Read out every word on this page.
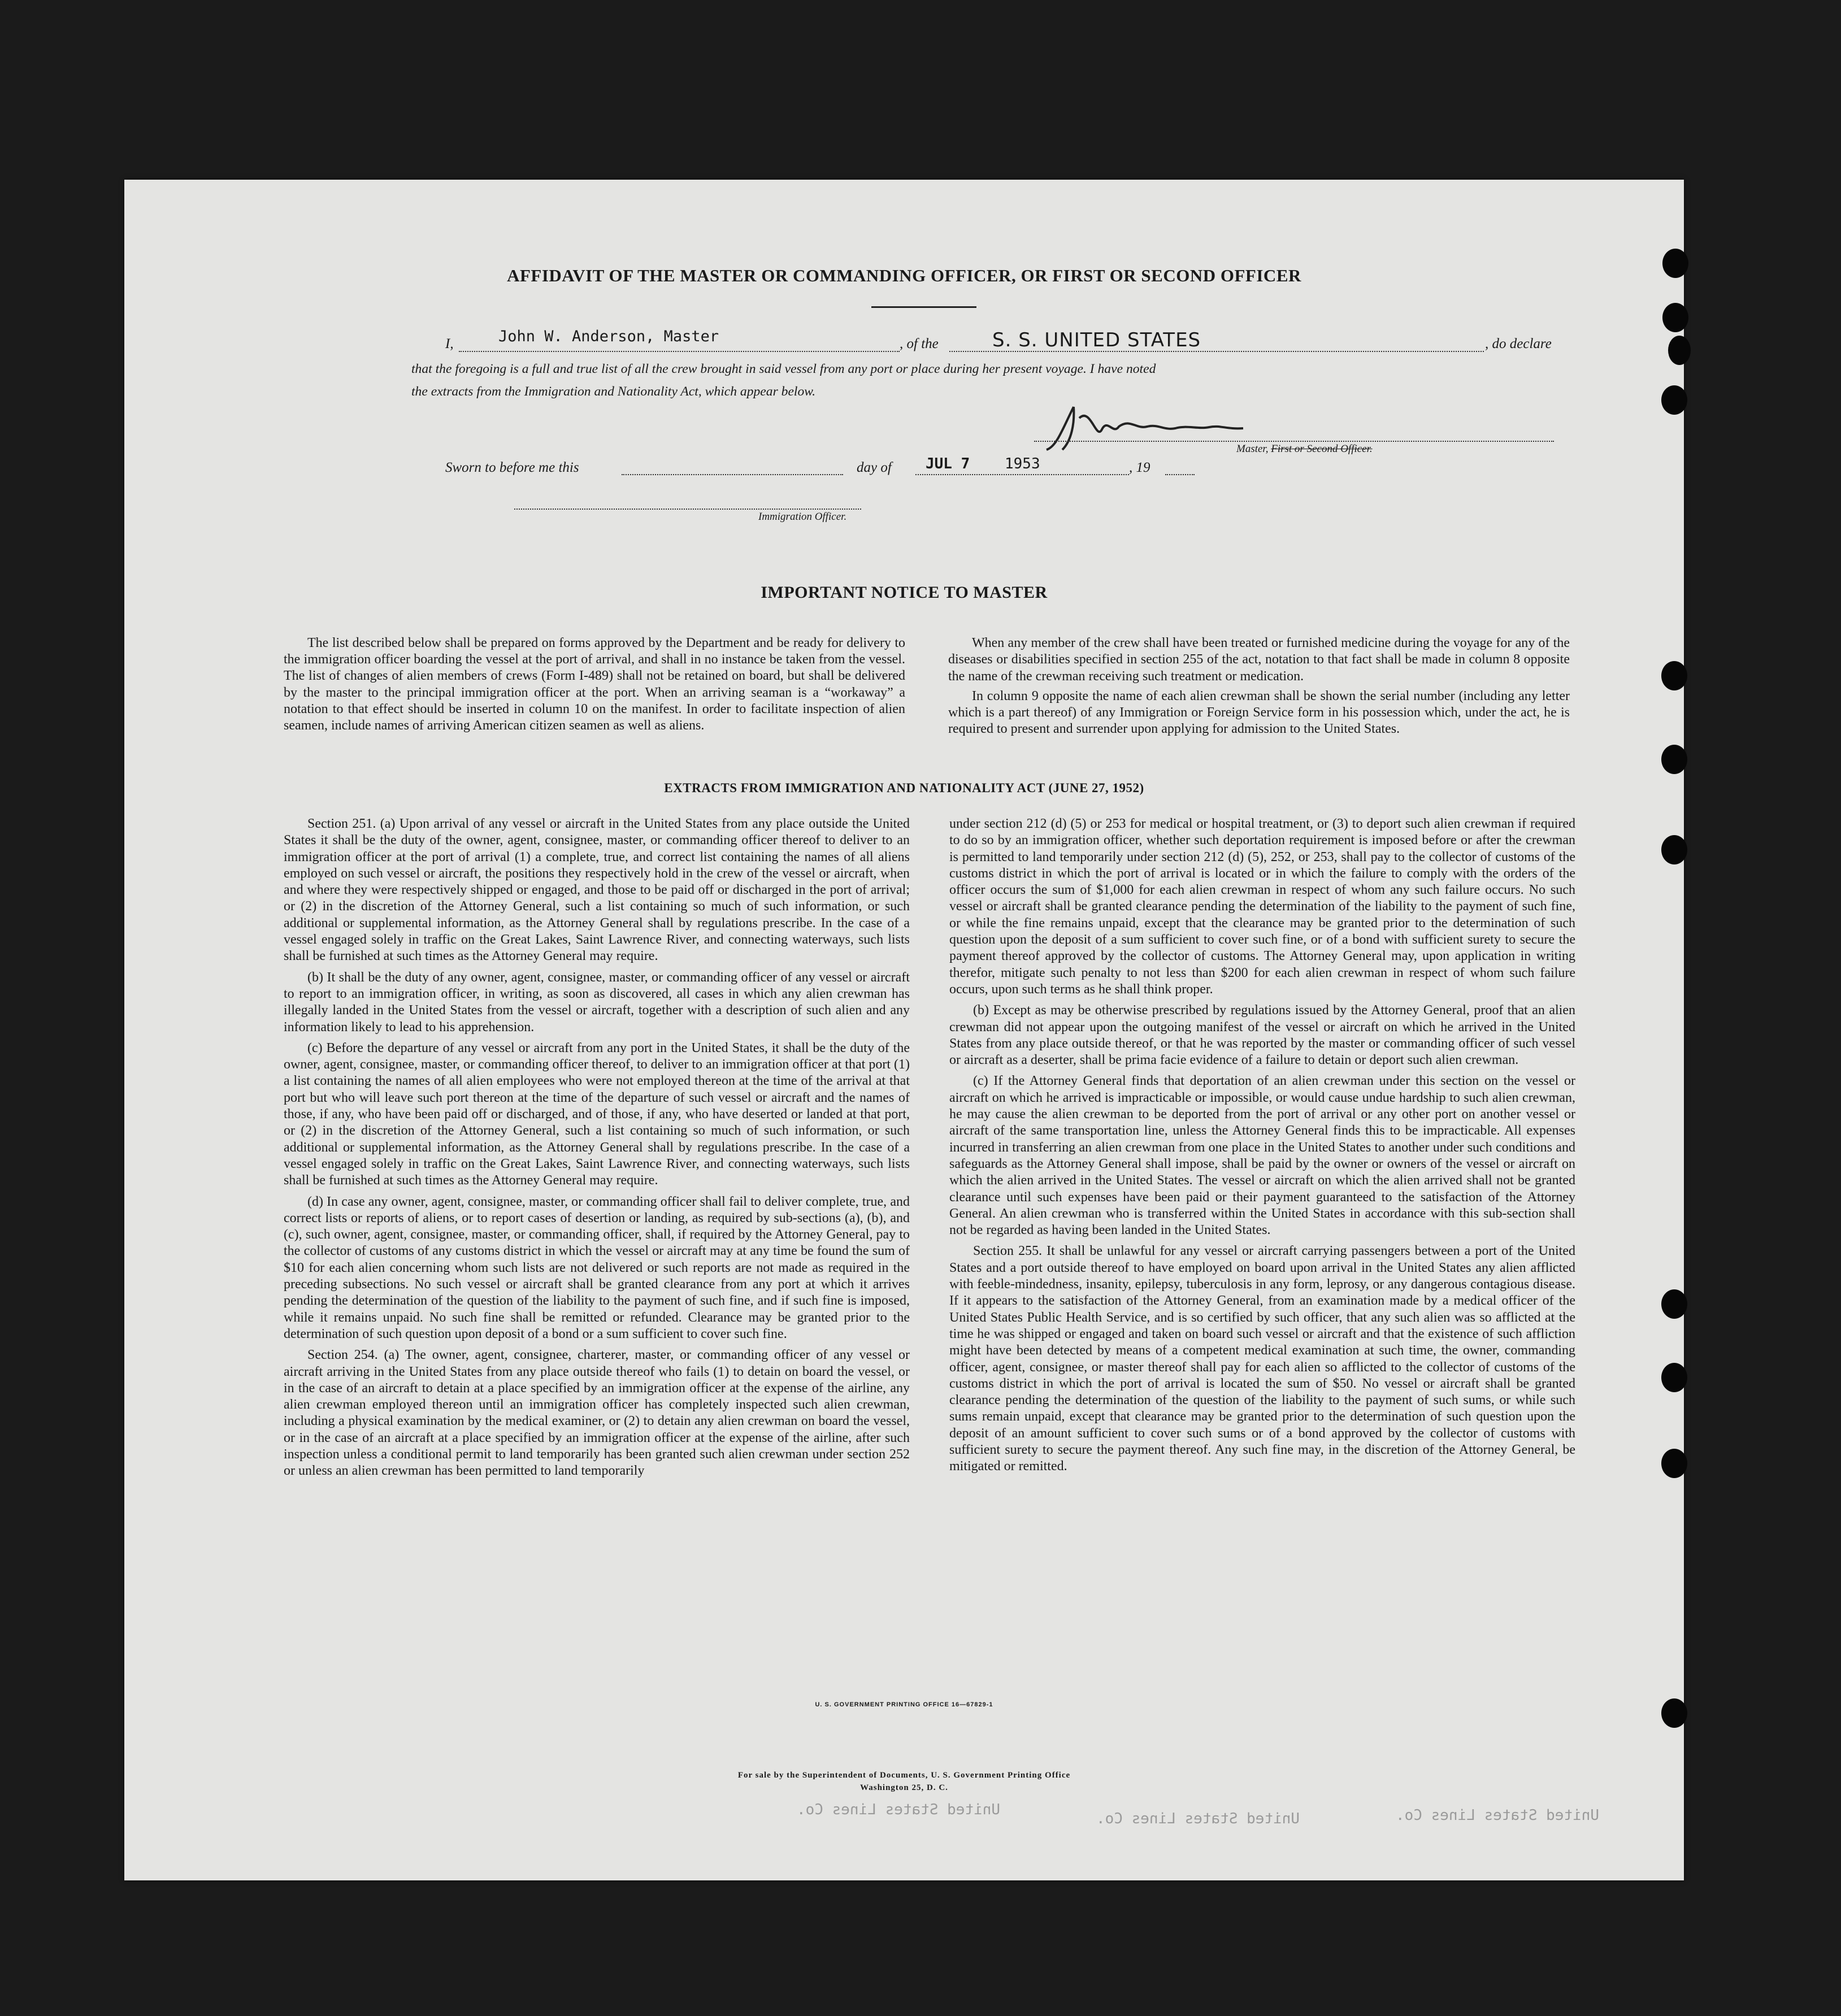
AFFIDAVIT OF THE MASTER OR COMMANDING OFFICER, OR FIRST OR SECOND OFFICER
I,	John W. Anderson, Master	, of the	S. S. UNITED STATES	, do declare
that the foregoing is a full and true list of all the crew brought in said vessel from any port or place during her present voyage. I have noted
the extracts from the Immigration and Nationality Act, which appear below.
Master, First or Second Officer.
Sworn to before me this	day of JUL 7 1953	, 19
Immigration Officer.
IMPORTANT NOTICE TO MASTER

The list described below shall be prepared on forms approved by the Department and be ready for delivery to the immigration officer boarding the vessel at the port of arrival, and shall in no instance be taken from the vessel. The list of changes of alien members of crews (Form I-489) shall not be retained on board, but shall be delivered by the master to the principal immigration officer at the port. When an arriving seaman is a “workaway” a notation to that effect should be inserted in column 10 on the manifest. In order to facilitate inspection of alien seamen, include names of arriving American citizen seamen as well as aliens.

When any member of the crew shall have been treated or furnished medicine during the voyage for any of the diseases or disabilities specified in section 255 of the act, notation to that fact shall be made in column 8 opposite the name of the crewman receiving such treatment or medication.

In column 9 opposite the name of each alien crewman shall be shown the serial number (including any letter which is a part thereof) of any Immigration or Foreign Service form in his possession which, under the act, he is required to present and surrender upon applying for admission to the United States.

EXTRACTS FROM IMMIGRATION AND NATIONALITY ACT (JUNE 27, 1952)

Section 251. (a) Upon arrival of any vessel or aircraft in the United States from any place outside the United States it shall be the duty of the owner, agent, consignee, master, or commanding officer thereof to deliver to an immigration officer at the port of arrival (1) a complete, true, and correct list containing the names of all aliens employed on such vessel or aircraft, the positions they respectively hold in the crew of the vessel or aircraft, when and where they were respectively shipped or engaged, and those to be paid off or discharged in the port of arrival; or (2) in the discretion of the Attorney General, such a list containing so much of such information, or such additional or supplemental information, as the Attorney General shall by regulations prescribe. In the case of a vessel engaged solely in traffic on the Great Lakes, Saint Lawrence River, and connecting waterways, such lists shall be furnished at such times as the Attorney General may require.

(b) It shall be the duty of any owner, agent, consignee, master, or commanding officer of any vessel or aircraft to report to an immigration officer, in writing, as soon as discovered, all cases in which any alien crewman has illegally landed in the United States from the vessel or aircraft, together with a description of such alien and any information likely to lead to his apprehension.

(c) Before the departure of any vessel or aircraft from any port in the United States, it shall be the duty of the owner, agent, consignee, master, or commanding officer thereof, to deliver to an immigration officer at that port (1) a list containing the names of all alien employees who were not employed thereon at the time of the arrival at that port but who will leave such port thereon at the time of the departure of such vessel or aircraft and the names of those, if any, who have been paid off or discharged, and of those, if any, who have deserted or landed at that port, or (2) in the discretion of the Attorney General, such a list containing so much of such information, or such additional or supplemental information, as the Attorney General shall by regulations prescribe. In the case of a vessel engaged solely in traffic on the Great Lakes, Saint Lawrence River, and connecting waterways, such lists shall be furnished at such times as the Attorney General may require.

(d) In case any owner, agent, consignee, master, or commanding officer shall fail to deliver complete, true, and correct lists or reports of aliens, or to report cases of desertion or landing, as required by sub-sections (a), (b), and (c), such owner, agent, consignee, master, or commanding officer, shall, if required by the Attorney General, pay to the collector of customs of any customs district in which the vessel or aircraft may at any time be found the sum of $10 for each alien concerning whom such lists are not delivered or such reports are not made as required in the preceding subsections. No such vessel or aircraft shall be granted clearance from any port at which it arrives pending the determination of the question of the liability to the payment of such fine, and if such fine is imposed, while it remains unpaid. No such fine shall be remitted or refunded. Clearance may be granted prior to the determination of such question upon deposit of a bond or a sum sufficient to cover such fine.

Section 254. (a) The owner, agent, consignee, charterer, master, or commanding officer of any vessel or aircraft arriving in the United States from any place outside thereof who fails (1) to detain on board the vessel, or in the case of an aircraft to detain at a place specified by an immigration officer at the expense of the airline, any alien crewman employed thereon until an immigration officer has completely inspected such alien crewman, including a physical examination by the medical examiner, or (2) to detain any alien crewman on board the vessel, or in the case of an aircraft at a place specified by an immigration officer at the expense of the airline, after such inspection unless a conditional permit to land temporarily has been granted such alien crewman under section 252 or unless an alien crewman has been permitted to land temporarily

under section 212 (d) (5) or 253 for medical or hospital treatment, or (3) to deport such alien crewman if required to do so by an immigration officer, whether such deportation requirement is imposed before or after the crewman is permitted to land temporarily under section 212 (d) (5), 252, or 253, shall pay to the collector of customs of the customs district in which the port of arrival is located or in which the failure to comply with the orders of the officer occurs the sum of $1,000 for each alien crewman in respect of whom any such failure occurs. No such vessel or aircraft shall be granted clearance pending the determination of the liability to the payment of such fine, or while the fine remains unpaid, except that the clearance may be granted prior to the determination of such question upon the deposit of a sum sufficient to cover such fine, or of a bond with sufficient surety to secure the payment thereof approved by the collector of customs. The Attorney General may, upon application in writing therefor, mitigate such penalty to not less than $200 for each alien crewman in respect of whom such failure occurs, upon such terms as he shall think proper.

(b) Except as may be otherwise prescribed by regulations issued by the Attorney General, proof that an alien crewman did not appear upon the outgoing manifest of the vessel or aircraft on which he arrived in the United States from any place outside thereof, or that he was reported by the master or commanding officer of such vessel or aircraft as a deserter, shall be prima facie evidence of a failure to detain or deport such alien crewman.

(c) If the Attorney General finds that deportation of an alien crewman under this section on the vessel or aircraft on which he arrived is impracticable or impossible, or would cause undue hardship to such alien crewman, he may cause the alien crewman to be deported from the port of arrival or any other port on another vessel or aircraft of the same transportation line, unless the Attorney General finds this to be impracticable. All expenses incurred in transferring an alien crewman from one place in the United States to another under such conditions and safeguards as the Attorney General shall impose, shall be paid by the owner or owners of the vessel or aircraft on which the alien arrived in the United States. The vessel or aircraft on which the alien arrived shall not be granted clearance until such expenses have been paid or their payment guaranteed to the satisfaction of the Attorney General. An alien crewman who is transferred within the United States in accordance with this sub-section shall not be regarded as having been landed in the United States.

Section 255. It shall be unlawful for any vessel or aircraft carrying passengers between a port of the United States and a port outside thereof to have employed on board upon arrival in the United States any alien afflicted with feeble-mindedness, insanity, epilepsy, tuberculosis in any form, leprosy, or any dangerous contagious disease. If it appears to the satisfaction of the Attorney General, from an examination made by a medical officer of the United States Public Health Service, and is so certified by such officer, that any such alien was so afflicted at the time he was shipped or engaged and taken on board such vessel or aircraft and that the existence of such affliction might have been detected by means of a competent medical examination at such time, the owner, commanding officer, agent, consignee, or master thereof shall pay for each alien so afflicted to the collector of customs of the customs district in which the port of arrival is located the sum of $50. No vessel or aircraft shall be granted clearance pending the determination of the question of the liability to the payment of such sums, or while such sums remain unpaid, except that clearance may be granted prior to the determination of such question upon the deposit of an amount sufficient to cover such sums or of a bond approved by the collector of customs with sufficient surety to secure the payment thereof. Any such fine may, in the discretion of the Attorney General, be mitigated or remitted.

U. S. GOVERNMENT PRINTING OFFICE 16—67829-1
For sale by the Superintendent of Documents, U. S. Government Printing Office
Washington 25, D. C.
United States Lines Co.
United States Lines Co.	United States Lines Co.
